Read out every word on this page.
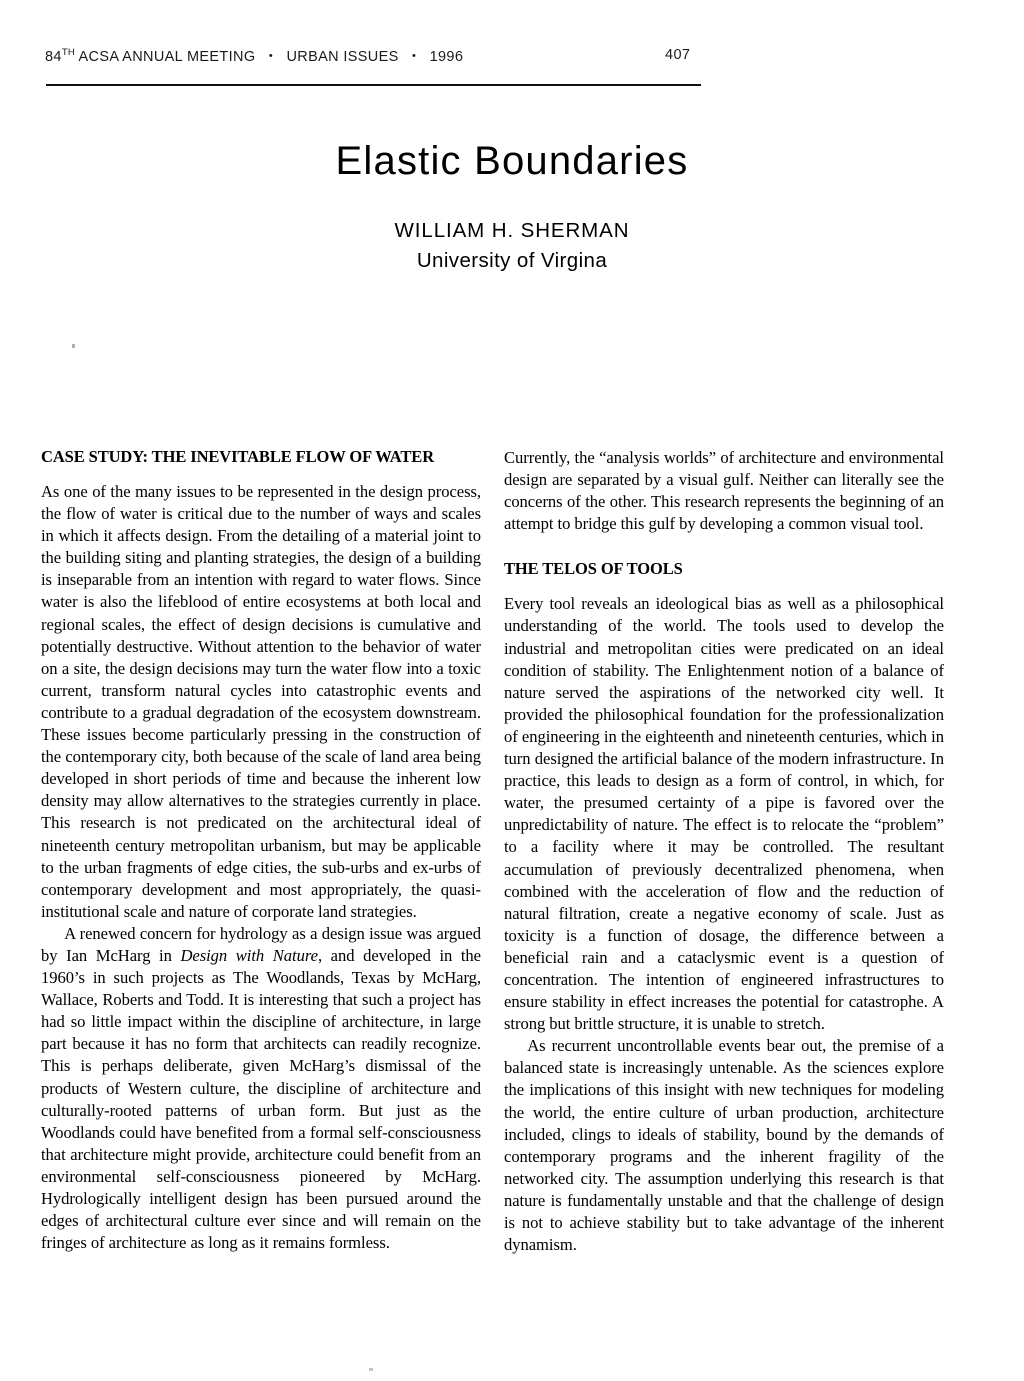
84TH ACSA ANNUAL MEETING • URBAN ISSUES • 1996	407
Elastic Boundaries
WILLIAM H. SHERMAN
University of Virgina
CASE STUDY: THE INEVITABLE FLOW OF WATER

As one of the many issues to be represented in the design process, the flow of water is critical due to the number of ways and scales in which it affects design. From the detailing of a material joint to the building siting and planting strategies, the design of a building is inseparable from an intention with regard to water flows. Since water is also the lifeblood of entire ecosystems at both local and regional scales, the effect of design decisions is cumulative and potentially destructive. Without attention to the behavior of water on a site, the design decisions may turn the water flow into a toxic current, transform natural cycles into catastrophic events and contribute to a gradual degradation of the ecosystem downstream. These issues become particularly pressing in the construction of the contemporary city, both because of the scale of land area being developed in short periods of time and because the inherent low density may allow alternatives to the strategies currently in place. This research is not predicated on the architectural ideal of nineteenth century metropolitan urbanism, but may be applicable to the urban fragments of edge cities, the sub-urbs and ex-urbs of contemporary development and most appropriately, the quasi-institutional scale and nature of corporate land strategies.

A renewed concern for hydrology as a design issue was argued by Ian McHarg in Design with Nature, and developed in the 1960’s in such projects as The Woodlands, Texas by McHarg, Wallace, Roberts and Todd. It is interesting that such a project has had so little impact within the discipline of architecture, in large part because it has no form that architects can readily recognize. This is perhaps deliberate, given McHarg’s dismissal of the products of Western culture, the discipline of architecture and culturally-rooted patterns of urban form. But just as the Woodlands could have benefited from a formal self-consciousness that architecture might provide, architecture could benefit from an environmental self-consciousness pioneered by McHarg. Hydrologically intelligent design has been pursued around the edges of architectural culture ever since and will remain on the fringes of architecture as long as it remains formless.

Currently, the “analysis worlds” of architecture and environmental design are separated by a visual gulf. Neither can literally see the concerns of the other. This research represents the beginning of an attempt to bridge this gulf by developing a common visual tool.

THE TELOS OF TOOLS

Every tool reveals an ideological bias as well as a philosophical understanding of the world. The tools used to develop the industrial and metropolitan cities were predicated on an ideal condition of stability. The Enlightenment notion of a balance of nature served the aspirations of the networked city well. It provided the philosophical foundation for the professionalization of engineering in the eighteenth and nineteenth centuries, which in turn designed the artificial balance of the modern infrastructure. In practice, this leads to design as a form of control, in which, for water, the presumed certainty of a pipe is favored over the unpredictability of nature. The effect is to relocate the “problem” to a facility where it may be controlled. The resultant accumulation of previously decentralized phenomena, when combined with the acceleration of flow and the reduction of natural filtration, create a negative economy of scale. Just as toxicity is a function of dosage, the difference between a beneficial rain and a cataclysmic event is a question of concentration. The intention of engineered infrastructures to ensure stability in effect increases the potential for catastrophe. A strong but brittle structure, it is unable to stretch.

As recurrent uncontrollable events bear out, the premise of a balanced state is increasingly untenable. As the sciences explore the implications of this insight with new techniques for modeling the world, the entire culture of urban production, architecture included, clings to ideals of stability, bound by the demands of contemporary programs and the inherent fragility of the networked city. The assumption underlying this research is that nature is fundamentally unstable and that the challenge of design is not to achieve stability but to take advantage of the inherent dynamism.
